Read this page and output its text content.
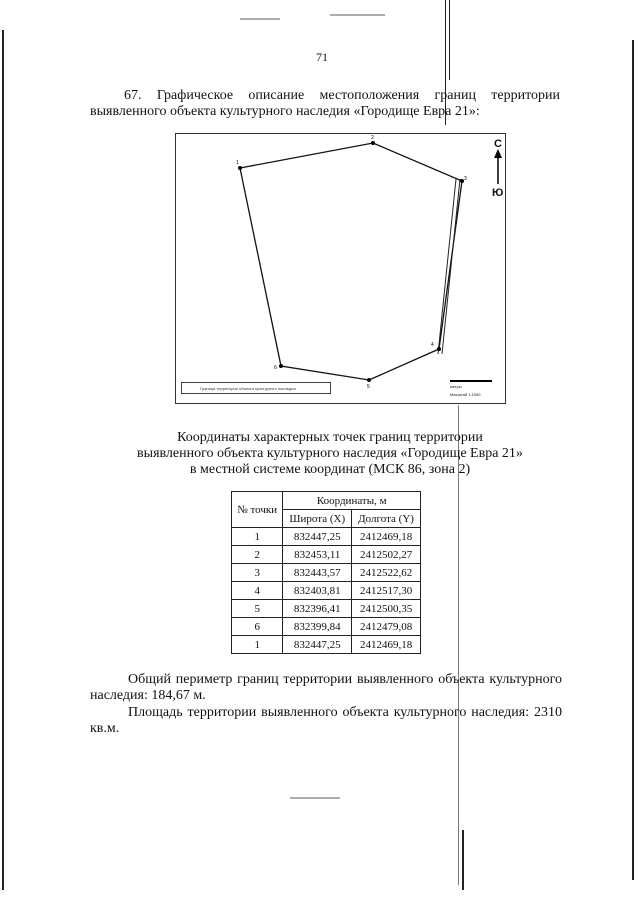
71
67. Графическое описание местоположения границ территории выявленного объекта культурного наследия «Городище Евра 21»:
1
2
3
4
5
6
С
Ю
Граница территории объекта культурного наследия	метры
Масштаб 1:1000
Координаты характерных точек границ территории
выявленного объекта культурного наследия «Городище Евра 21»
в местной системе координат (МСК 86, зона 2)
№ точки	Координаты, м	
	Широта (X)	Долгота (Y)
1	832447,25	2412469,18
2	832453,11	2412502,27
3	832443,57	2412522,62
4	832403,81	2412517,30
5	832396,41	2412500,35
6	832399,84	2412479,08
1	832447,25	2412469,18
Общий периметр границ территории выявленного объекта культурного наследия: 184,67 м.
Площадь территории выявленного объекта культурного наследия: 2310 кв.м.
